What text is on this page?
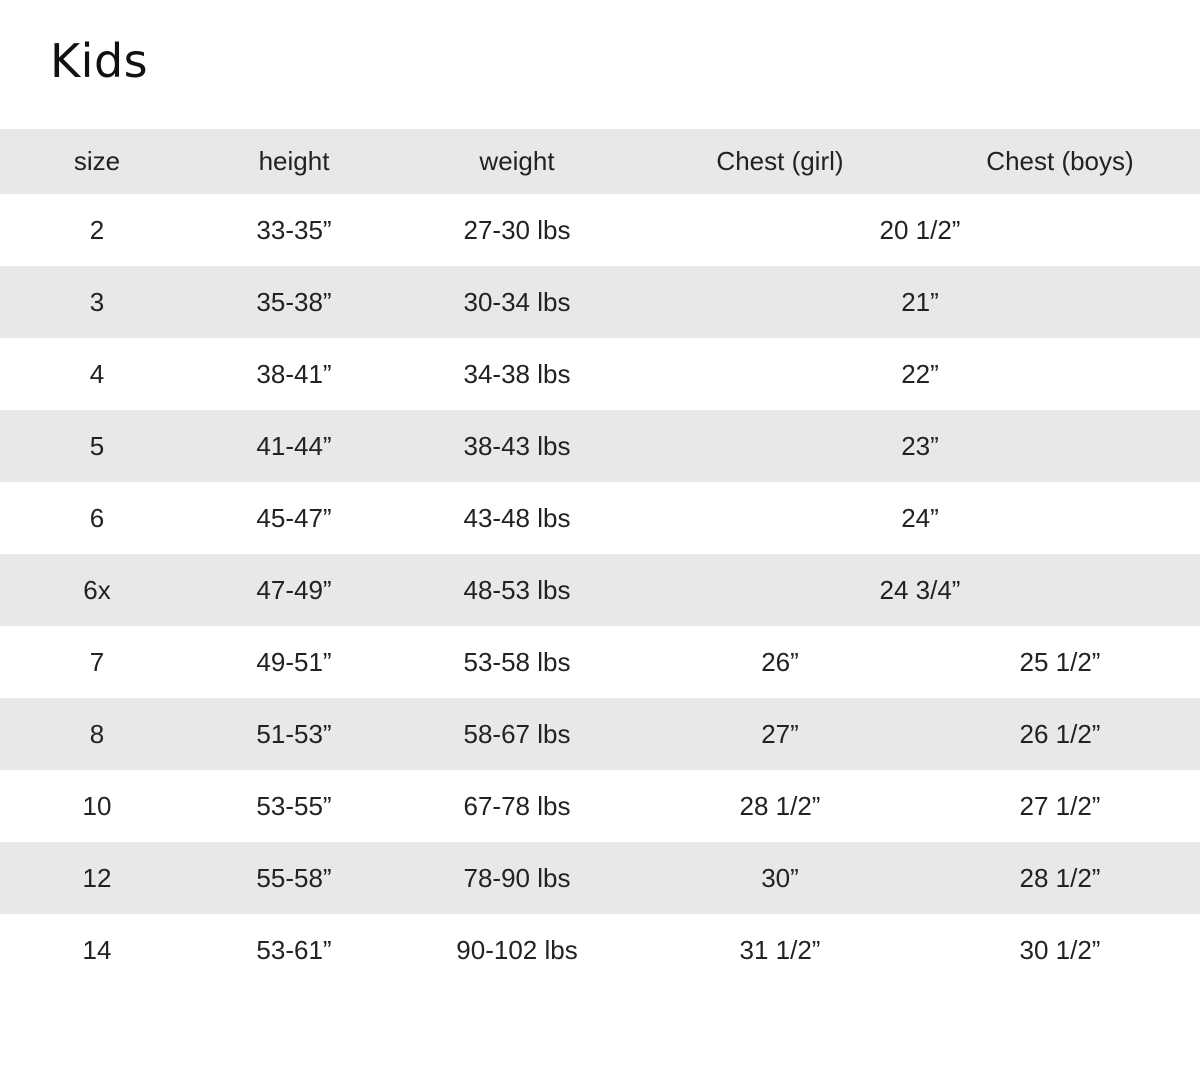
Kids
size	height	weight	Chest (girl)	Chest (boys)
2	33-35”	27-30 lbs	20 1/2”
3	35-38”	30-34 lbs	21”
4	38-41”	34-38 lbs	22”
5	41-44”	38-43 lbs	23”
6	45-47”	43-48 lbs	24”
6x	47-49”	48-53 lbs	24 3/4”
7	49-51”	53-58 lbs	26”	25 1/2”
8	51-53”	58-67 lbs	27”	26 1/2”
10	53-55”	67-78 lbs	28 1/2”	27 1/2”
12	55-58”	78-90 lbs	30”	28 1/2”
14	53-61”	90-102 lbs	31 1/2”	30 1/2”
